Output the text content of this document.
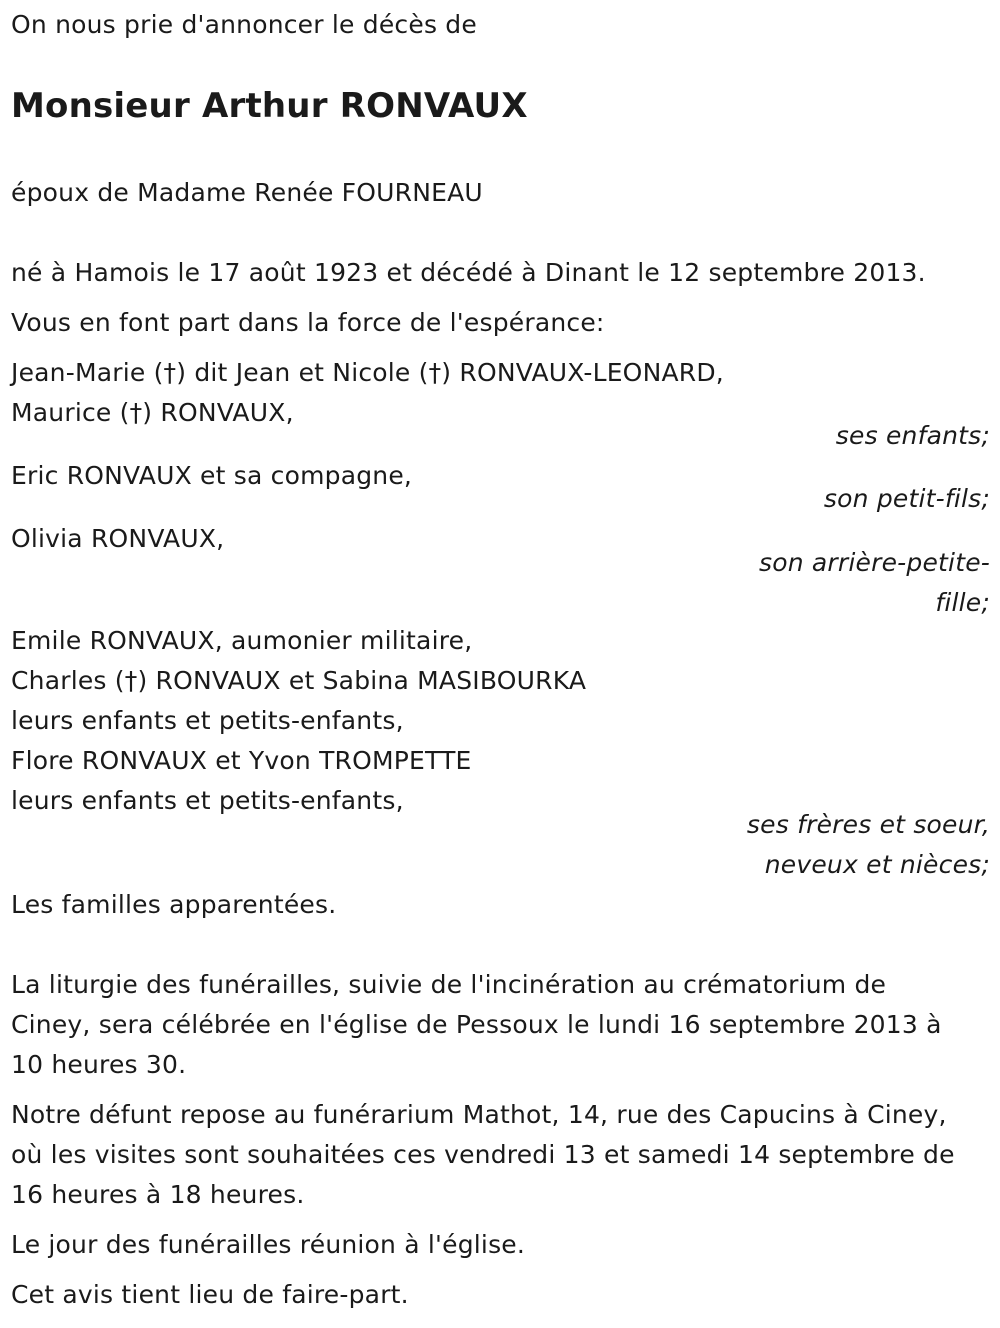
On nous prie d'annoncer le décès de
Monsieur Arthur RONVAUX
époux de Madame Renée FOURNEAU
né à Hamois le 17 août 1923 et décédé à Dinant le 12 septembre 2013.
Vous en font part dans la force de l'espérance:
Jean-Marie (†) dit Jean et Nicole (†) RONVAUX-LEONARD,
Maurice (†) RONVAUX,
ses enfants;
Eric RONVAUX et sa compagne,
son petit-fils;
Olivia RONVAUX,
son arrière-petite-
fille;
Emile RONVAUX, aumonier militaire,
Charles (†) RONVAUX et Sabina MASIBOURKA
leurs enfants et petits-enfants,
Flore RONVAUX et Yvon TROMPETTE
leurs enfants et petits-enfants,
ses frères et soeur,
neveux et nièces;
Les familles apparentées.
La liturgie des funérailles, suivie de l'incinération au crématorium de
Ciney, sera célébrée en l'église de Pessoux le lundi 16 septembre 2013 à
10 heures 30.
Notre défunt repose au funérarium Mathot, 14, rue des Capucins à Ciney,
où les visites sont souhaitées ces vendredi 13 et samedi 14 septembre de
16 heures à 18 heures.
Le jour des funérailles réunion à l'église.
Cet avis tient lieu de faire-part.
